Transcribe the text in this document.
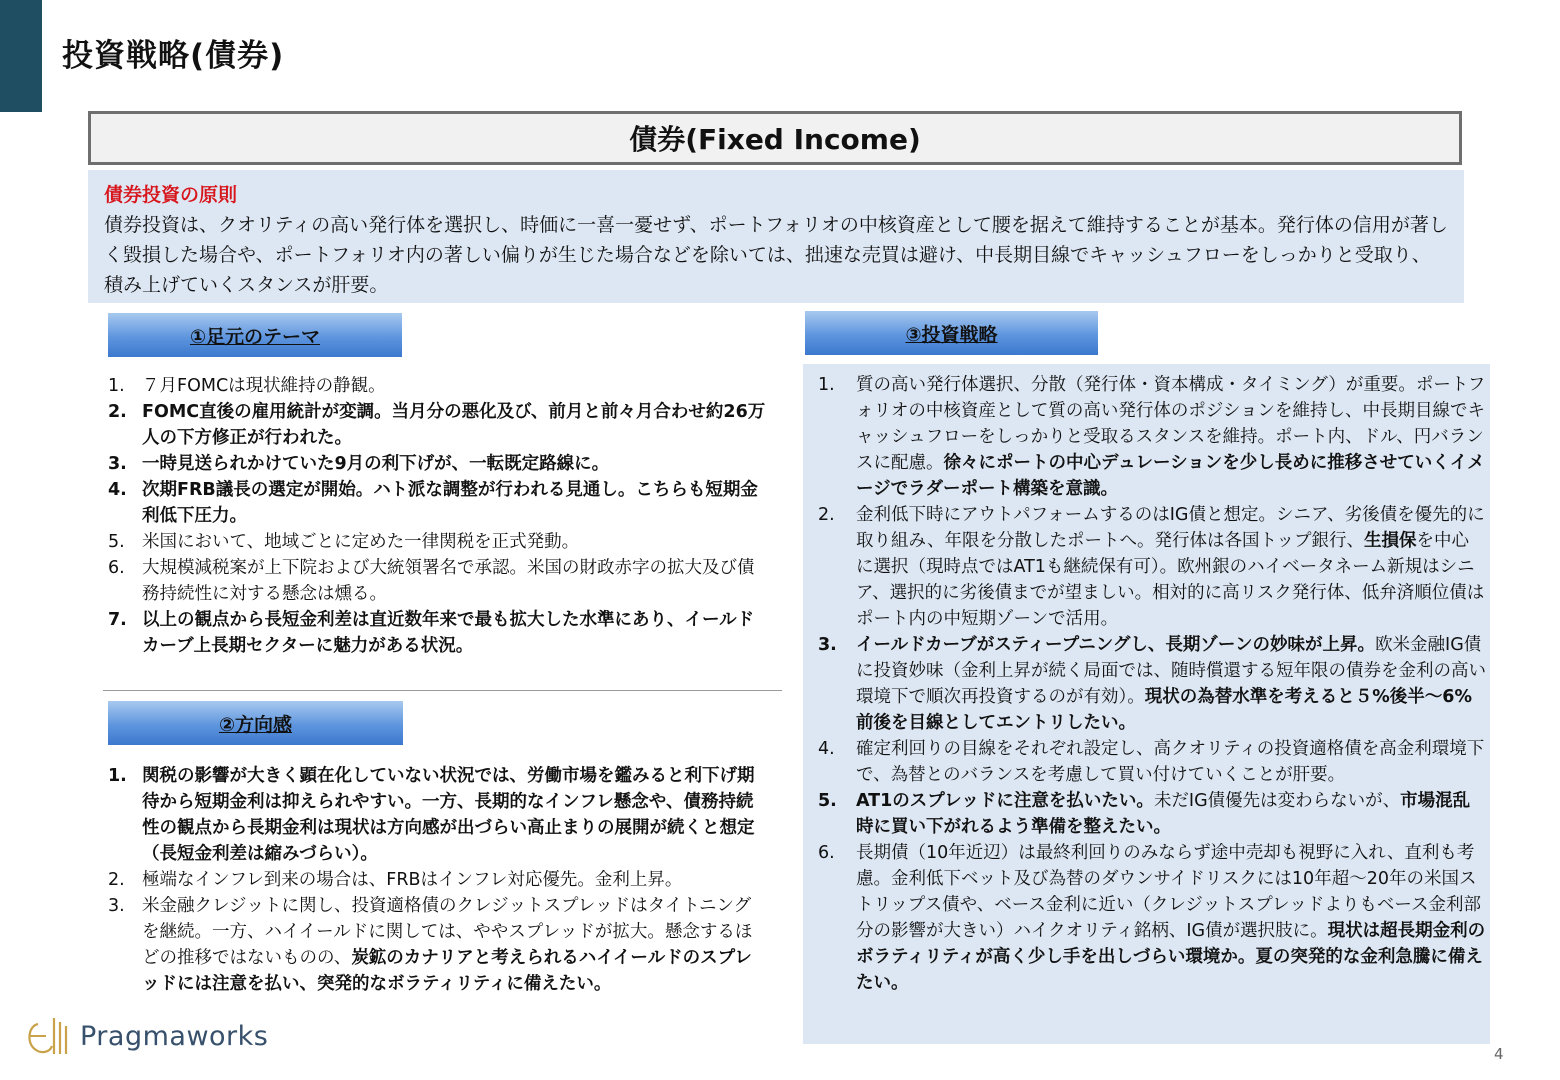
投資戦略(債券)
債券(Fixed Income)
債券投資の原則
債券投資は、クオリティの高い発行体を選択し、時価に一喜一憂せず、ポートフォリオの中核資産として腰を据えて維持することが基本。発行体の信用が著しく毀損した場合や、ポートフォリオ内の著しい偏りが生じた場合などを除いては、拙速な売買は避け、中長期目線でキャッシュフローをしっかりと受取り、積み上げていくスタンスが肝要。
①足元のテーマ
1. ７月FOMCは現状維持の静観。
2. FOMC直後の雇用統計が変調。当月分の悪化及び、前月と前々月合わせ約26万人の下方修正が行われた。
3. 一時見送られかけていた9月の利下げが、一転既定路線に。
4. 次期FRB議長の選定が開始。ハト派な調整が行われる見通し。こちらも短期金利低下圧力。
5. 米国において、地域ごとに定めた一律関税を正式発動。
6. 大規模減税案が上下院および大統領署名で承認。米国の財政赤字の拡大及び債務持続性に対する懸念は燻る。
7. 以上の観点から長短金利差は直近数年来で最も拡大した水準にあり、イールドカーブ上長期セクターに魅力がある状況。
②方向感
1. 関税の影響が大きく顕在化していない状況では、労働市場を鑑みると利下げ期待から短期金利は抑えられやすい。一方、長期的なインフレ懸念や、債務持続性の観点から長期金利は現状は方向感が出づらい高止まりの展開が続くと想定（長短金利差は縮みづらい）。
2. 極端なインフレ到来の場合は、FRBはインフレ対応優先。金利上昇。
3. 米金融クレジットに関し、投資適格債のクレジットスプレッドはタイトニングを継続。一方、ハイイールドに関しては、ややスプレッドが拡大。懸念するほどの推移ではないものの、炭鉱のカナリアと考えられるハイイールドのスプレッドには注意を払い、突発的なボラティリティに備えたい。
③投資戦略
1.	質の高い発行体選択、分散（発行体・資本構成・タイミング）が重要。ポートフォリオの中核資産として質の高い発行体のポジションを維持し、中長期目線でキャッシュフローをしっかりと受取るスタンスを維持。ポート内、ドル、円バランスに配慮。徐々にポートの中心デュレーションを少し長めに推移させていくイメージでラダーポート構築を意識。
2.	金利低下時にアウトパフォームするのはIG債と想定。シニア、劣後債を優先的に取り組み、年限を分散したポートへ。発行体は各国トップ銀行、生損保を中心に選択（現時点ではAT1も継続保有可）。欧州銀のハイベータネーム新規はシニア、選択的に劣後債までが望ましい。相対的に高リスク発行体、低弁済順位債はポート内の中短期ゾーンで活用。
3.	イールドカーブがスティープニングし、長期ゾーンの妙味が上昇。欧米金融IG債に投資妙味（金利上昇が続く局面では、随時償還する短年限の債券を金利の高い環境下で順次再投資するのが有効）。現状の為替水準を考えると５%後半～6%前後を目線としてエントリしたい。
4.	確定利回りの目線をそれぞれ設定し、高クオリティの投資適格債を高金利環境下で、為替とのバランスを考慮して買い付けていくことが肝要。
5.	AT1のスプレッドに注意を払いたい。未だIG債優先は変わらないが、市場混乱時に買い下がれるよう準備を整えたい。
6.	長期債（10年近辺）は最終利回りのみならず途中売却も視野に入れ、直利も考慮。金利低下ベット及び為替のダウンサイドリスクには10年超～20年の米国ストリップス債や、ベース金利に近い（クレジットスプレッドよりもベース金利部分の影響が大きい）ハイクオリティ銘柄、IG債が選択肢に。現状は超長期金利のボラティリティが高く少し手を出しづらい環境か。夏の突発的な金利急騰に備えたい。
Pragmaworks
4
